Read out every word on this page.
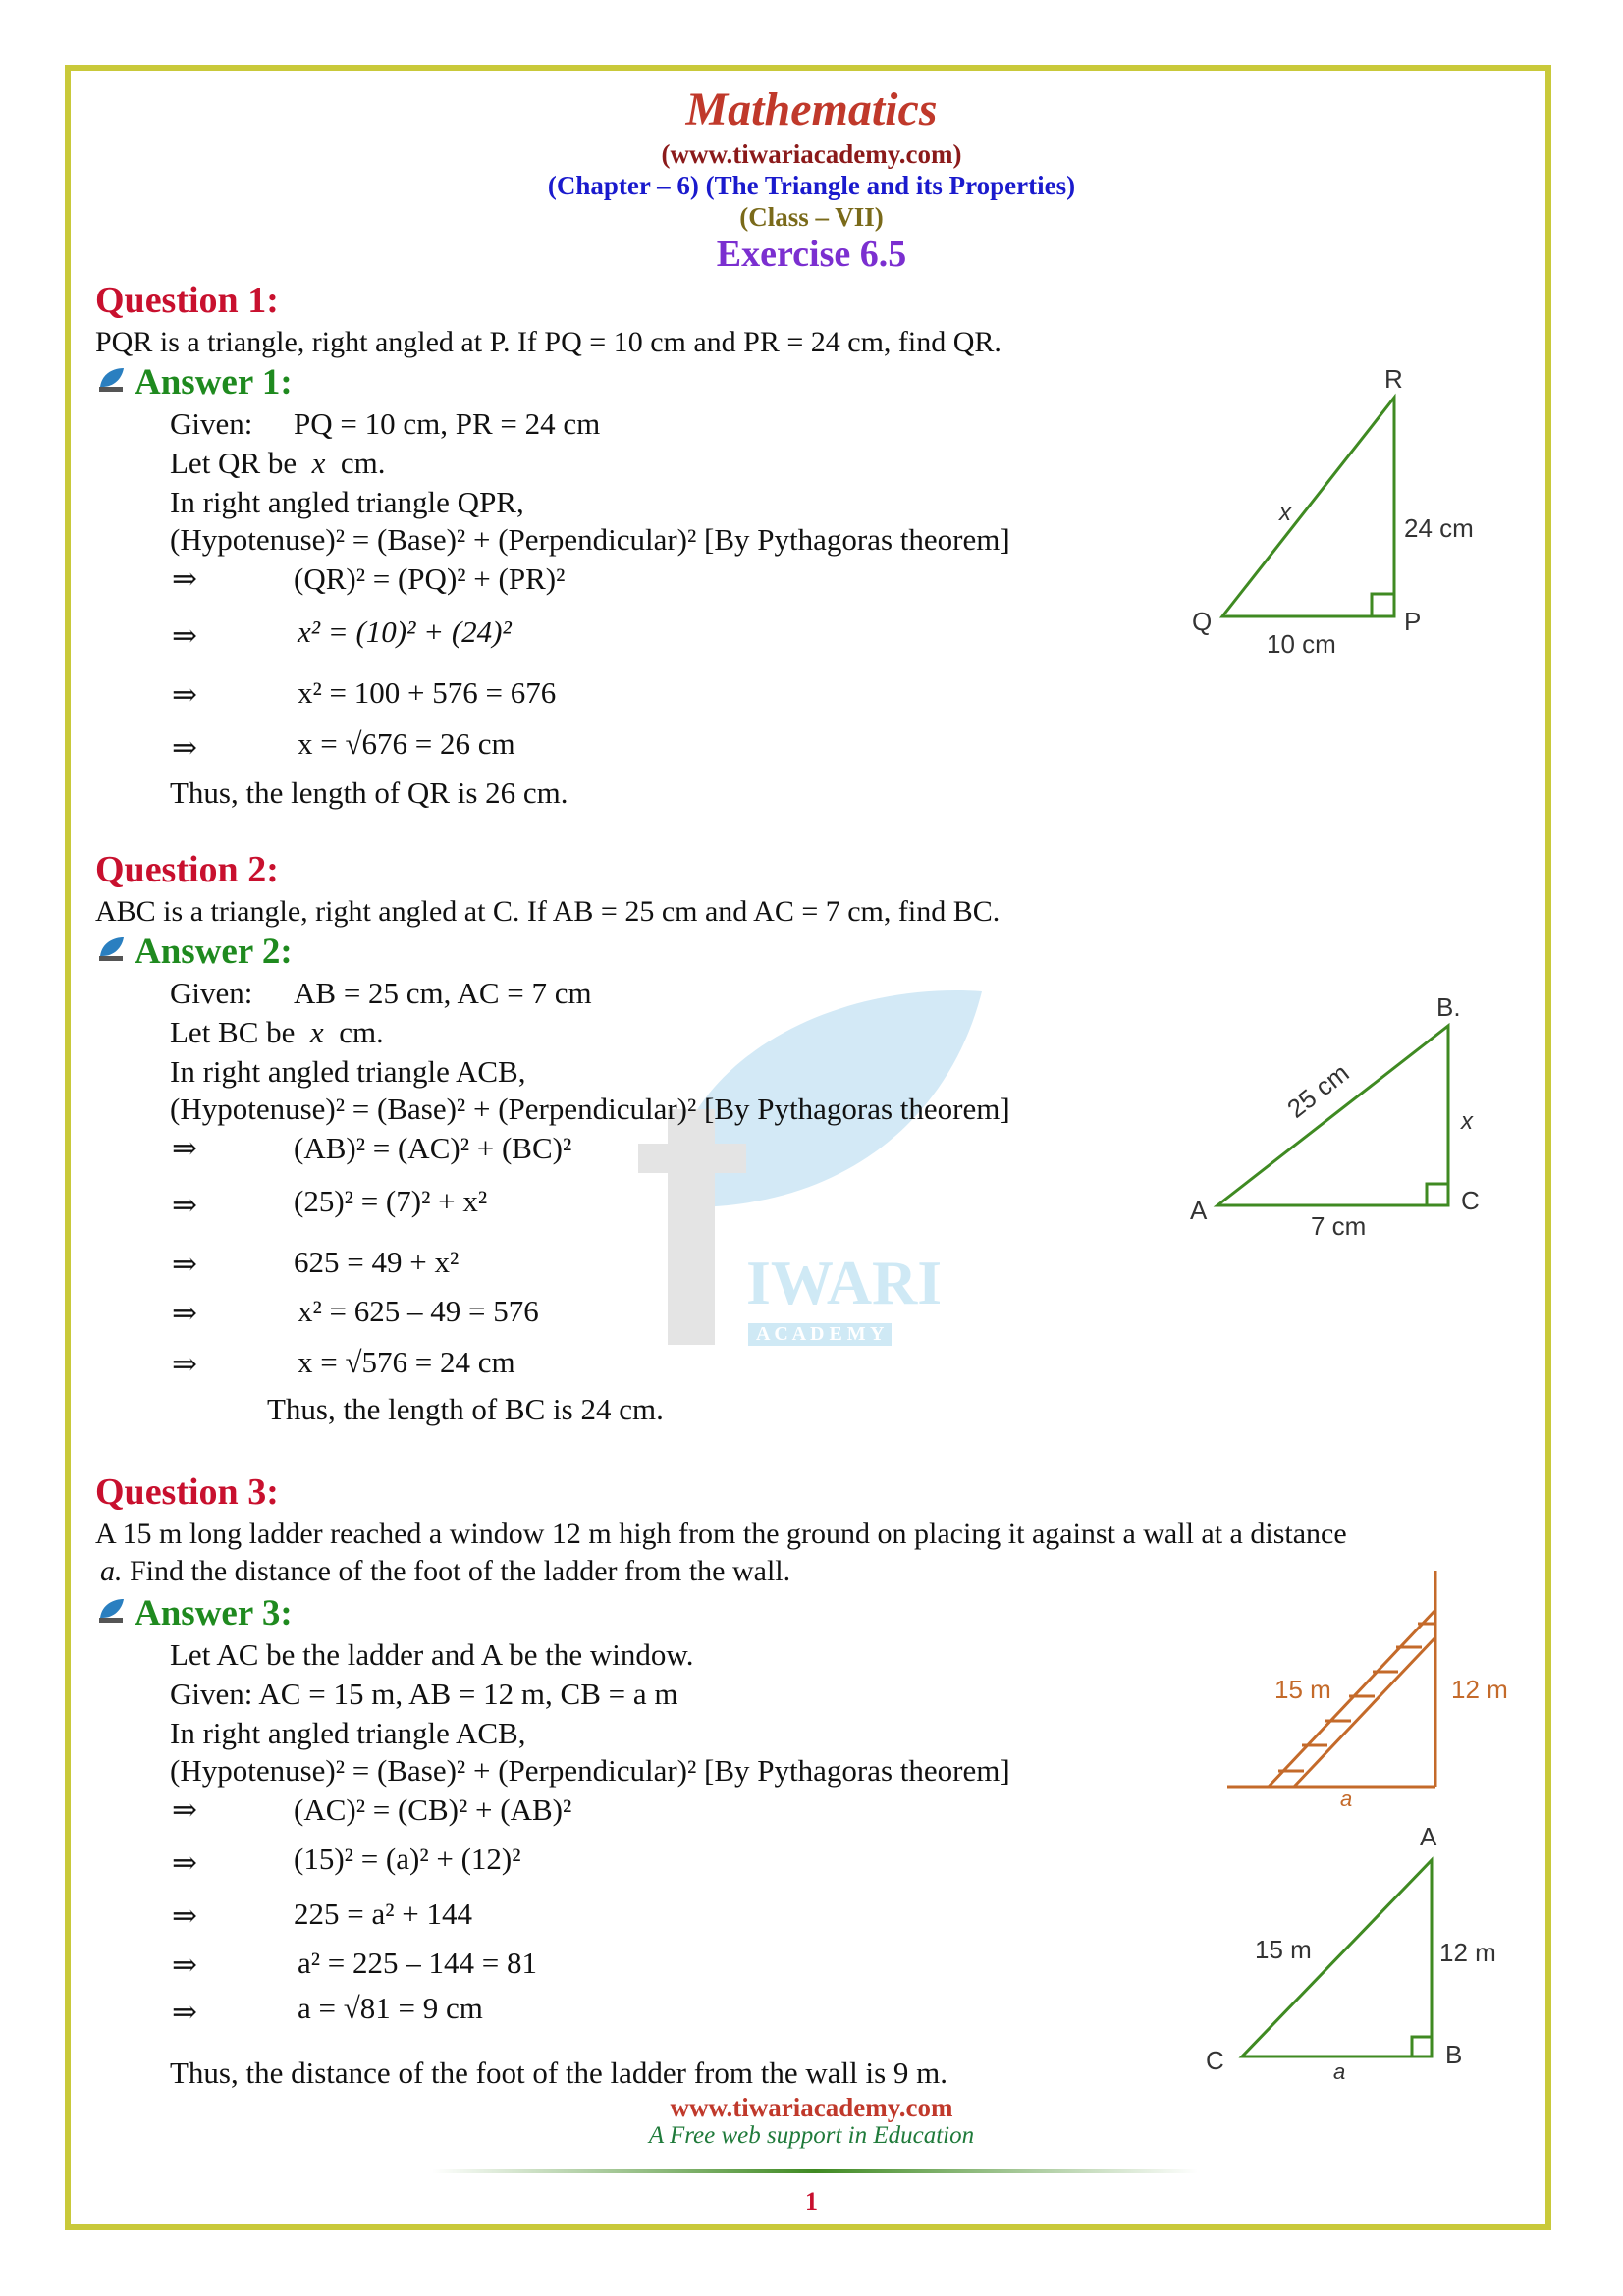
IWARI
A C A D E M Y
Mathematics
(www.tiwariacademy.com)
(Chapter – 6) (The Triangle and its Properties)
(Class – VII)
Exercise 6.5
Question 1:
PQR is a triangle, right angled at P. If PQ = 10 cm and PR = 24 cm, find QR.
Answer 1:
Given: PQ = 10 cm, PR = 24 cm
Let QR be x cm.
In right angled triangle QPR,
(Hypotenuse)² = (Base)² + (Perpendicular)² [By Pythagoras theorem]
⇒	(QR)² = (PQ)² + (PR)²
⇒	x² = (10)² + (24)²
⇒	x² = 100 + 576 = 676
⇒	x = √676 = 26 cm
Thus, the length of QR is 26 cm.
R
Q	P
x
24 cm
10 cm
Question 2:
ABC is a triangle, right angled at C. If AB = 25 cm and AC = 7 cm, find BC.
Answer 2:
Given: AB = 25 cm, AC = 7 cm
Let BC be x cm.
In right angled triangle ACB,
(Hypotenuse)² = (Base)² + (Perpendicular)² [By Pythagoras theorem]
⇒	(AB)² = (AC)² + (BC)²
⇒	(25)² = (7)² + x²
⇒	625 = 49 + x²
⇒	x² = 625 – 49 = 576
⇒	x = √576 = 24 cm
Thus, the length of BC is 24 cm.
B.
A	C
25 cm	x
7 cm
Question 3:
A 15 m long ladder reached a window 12 m high from the ground on placing it against a wall at a distance
a. Find the distance of the foot of the ladder from the wall.
Answer 3:
Let AC be the ladder and A be the window.
Given: AC = 15 m, AB = 12 m, CB = a m
In right angled triangle ACB,
(Hypotenuse)² = (Base)² + (Perpendicular)² [By Pythagoras theorem]
⇒	(AC)² = (CB)² + (AB)²
⇒	(15)² = (a)² + (12)²
⇒	225 = a² + 144
⇒	a² = 225 – 144 = 81
⇒	a = √81 = 9 cm
Thus, the distance of the foot of the ladder from the wall is 9 m.
15 m	12 m
a
A
B
C
15 m	12 m
a
www.tiwariacademy.com
A Free web support in Education
1
